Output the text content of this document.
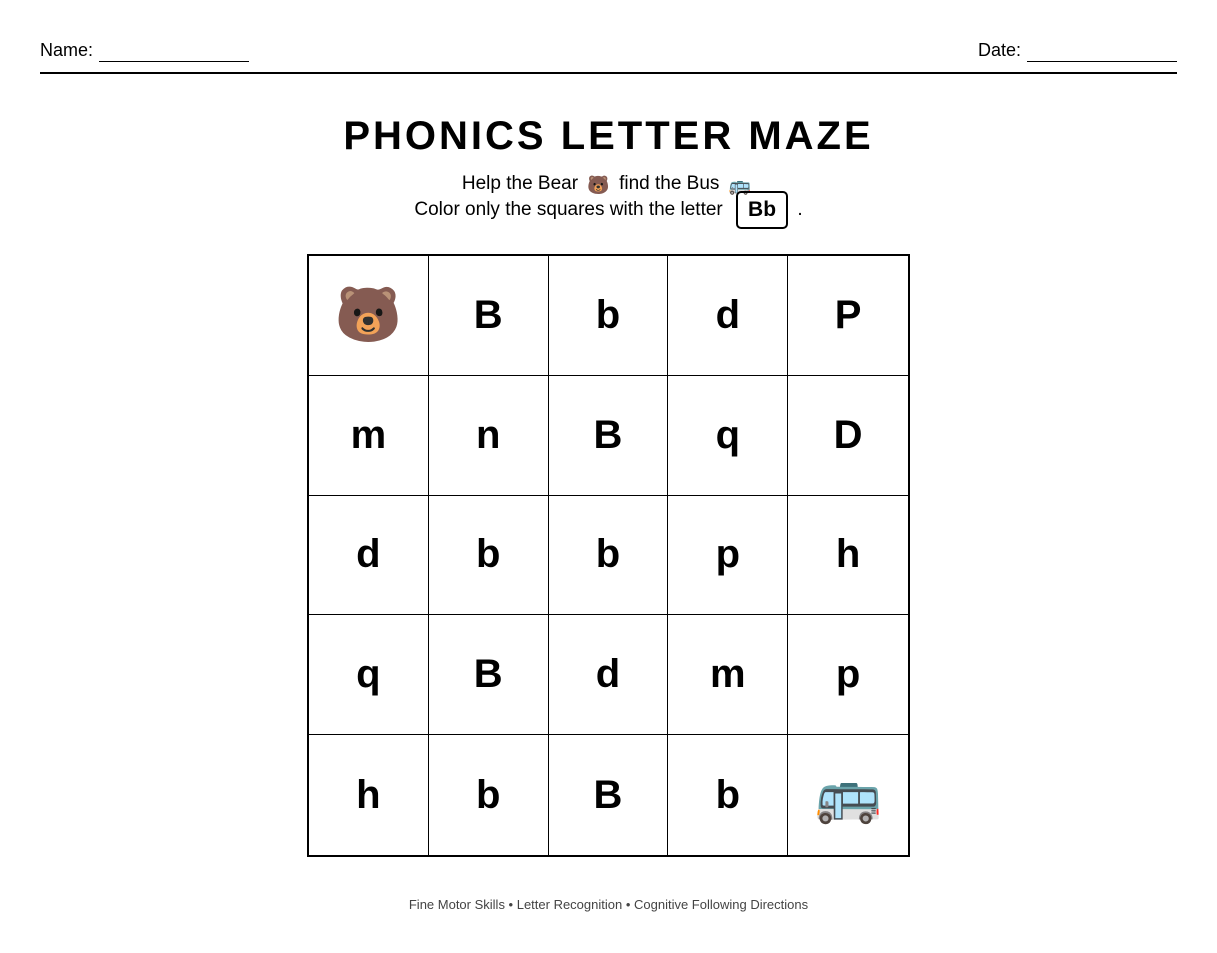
Name:	Date:
PHONICS LETTER MAZE
Help the Bear 🐻 find the Bus 🚌
Color only the squares with the letter Bb .
🐻 B b d P
m n B q D
d b b p h
q B d m p
h b B b 🚌
Fine Motor Skills • Letter Recognition • Cognitive Following Directions
